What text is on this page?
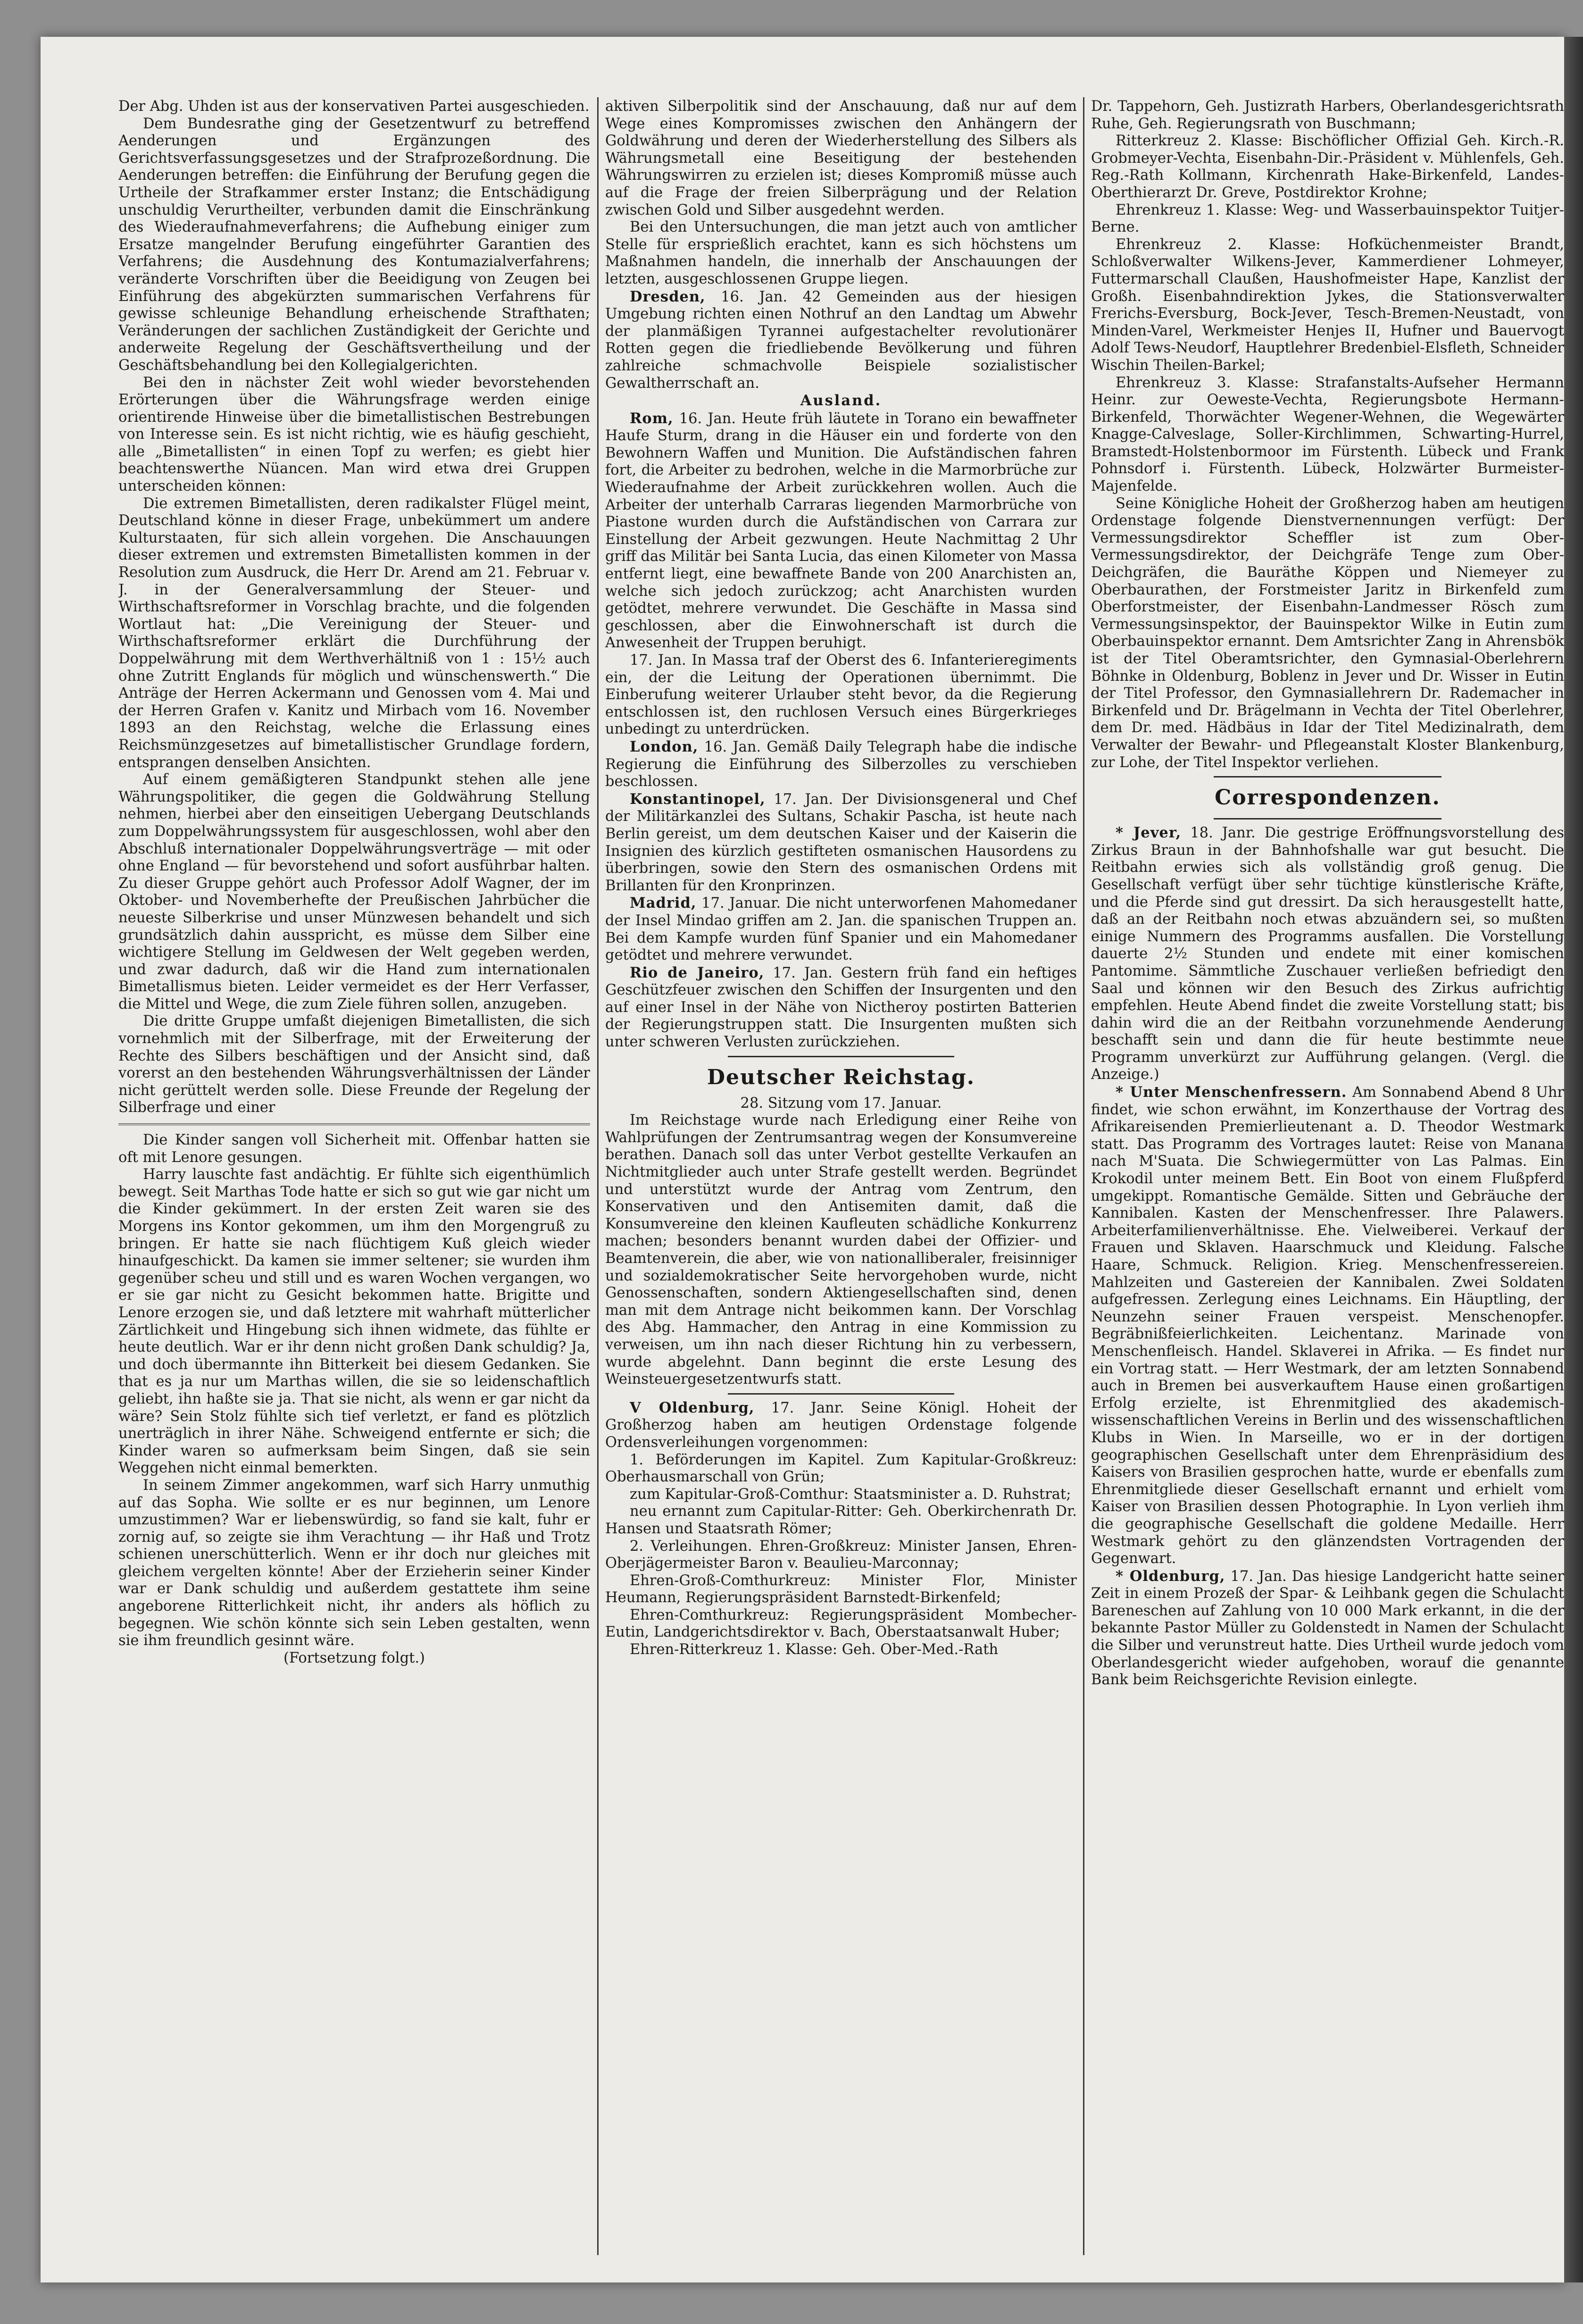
Der Abg. Uhden ist aus der konservativen Partei ausgeschieden.

Dem Bundesrathe ging der Gesetzentwurf zu betreffend Aenderungen und Ergänzungen des Gerichtsverfassungsgesetzes und der Strafprozeßordnung. Die Aenderungen betreffen: die Einführung der Berufung gegen die Urtheile der Strafkammer erster Instanz; die Entschädigung unschuldig Verurtheilter, verbunden damit die Einschränkung des Wiederaufnahmeverfahrens; die Aufhebung einiger zum Ersatze mangelnder Berufung eingeführter Garantien des Verfahrens; die Ausdehnung des Kontumazialverfahrens; veränderte Vorschriften über die Beeidigung von Zeugen bei Einführung des abgekürzten summarischen Verfahrens für gewisse schleunige Behandlung erheischende Strafthaten; Veränderungen der sachlichen Zuständigkeit der Gerichte und anderweite Regelung der Geschäftsvertheilung und der Geschäftsbehandlung bei den Kollegialgerichten.

Bei den in nächster Zeit wohl wieder bevorstehenden Erörterungen über die Währungsfrage werden einige orientirende Hinweise über die bimetallistischen Bestrebungen von Interesse sein. Es ist nicht richtig, wie es häufig geschieht, alle „Bimetallisten“ in einen Topf zu werfen; es giebt hier beachtenswerthe Nüancen. Man wird etwa drei Gruppen unterscheiden können:

Die extremen Bimetallisten, deren radikalster Flügel meint, Deutschland könne in dieser Frage, unbekümmert um andere Kulturstaaten, für sich allein vorgehen. Die Anschauungen dieser extremen und extremsten Bimetallisten kommen in der Resolution zum Ausdruck, die Herr Dr. Arend am 21. Februar v. J. in der Generalversammlung der Steuer- und Wirthschaftsreformer in Vorschlag brachte, und die folgenden Wortlaut hat: „Die Vereinigung der Steuer- und Wirthschaftsreformer erklärt die Durchführung der Doppelwährung mit dem Werthverhältniß von 1 : 15½ auch ohne Zutritt Englands für möglich und wünschenswerth.“ Die Anträge der Herren Ackermann und Genossen vom 4. Mai und der Herren Grafen v. Kanitz und Mirbach vom 16. November 1893 an den Reichstag, welche die Erlassung eines Reichsmünzgesetzes auf bimetallistischer Grundlage fordern, entsprangen denselben Ansichten.

Auf einem gemäßigteren Standpunkt stehen alle jene Währungspolitiker, die gegen die Goldwährung Stellung nehmen, hierbei aber den einseitigen Uebergang Deutschlands zum Doppelwährungssystem für ausgeschlossen, wohl aber den Abschluß internationaler Doppelwährungsverträge — mit oder ohne England — für bevorstehend und sofort ausführbar halten. Zu dieser Gruppe gehört auch Professor Adolf Wagner, der im Oktober- und Novemberhefte der Preußischen Jahrbücher die neueste Silberkrise und unser Münzwesen behandelt und sich grundsätzlich dahin ausspricht, es müsse dem Silber eine wichtigere Stellung im Geldwesen der Welt gegeben werden, und zwar dadurch, daß wir die Hand zum internationalen Bimetallismus bieten. Leider vermeidet es der Herr Verfasser, die Mittel und Wege, die zum Ziele führen sollen, anzugeben.

Die dritte Gruppe umfaßt diejenigen Bimetallisten, die sich vornehmlich mit der Silberfrage, mit der Erweiterung der Rechte des Silbers beschäftigen und der Ansicht sind, daß vorerst an den bestehenden Währungsverhältnissen der Länder nicht gerüttelt werden solle. Diese Freunde der Regelung der Silberfrage und einer

Die Kinder sangen voll Sicherheit mit. Offenbar hatten sie oft mit Lenore gesungen.

Harry lauschte fast andächtig. Er fühlte sich eigenthümlich bewegt. Seit Marthas Tode hatte er sich so gut wie gar nicht um die Kinder gekümmert. In der ersten Zeit waren sie des Morgens ins Kontor gekommen, um ihm den Morgengruß zu bringen. Er hatte sie nach flüchtigem Kuß gleich wieder hinaufgeschickt. Da kamen sie immer seltener; sie wurden ihm gegenüber scheu und still und es waren Wochen vergangen, wo er sie gar nicht zu Gesicht bekommen hatte. Brigitte und Lenore erzogen sie, und daß letztere mit wahrhaft mütterlicher Zärtlichkeit und Hingebung sich ihnen widmete, das fühlte er heute deutlich. War er ihr denn nicht großen Dank schuldig? Ja, und doch übermannte ihn Bitterkeit bei diesem Gedanken. Sie that es ja nur um Marthas willen, die sie so leidenschaftlich geliebt, ihn haßte sie ja. That sie nicht, als wenn er gar nicht da wäre? Sein Stolz fühlte sich tief verletzt, er fand es plötzlich unerträglich in ihrer Nähe. Schweigend entfernte er sich; die Kinder waren so aufmerksam beim Singen, daß sie sein Weggehen nicht einmal bemerkten.

In seinem Zimmer angekommen, warf sich Harry unmuthig auf das Sopha. Wie sollte er es nur beginnen, um Lenore umzustimmen? War er liebenswürdig, so fand sie kalt, fuhr er zornig auf, so zeigte sie ihm Verachtung — ihr Haß und Trotz schienen unerschütterlich. Wenn er ihr doch nur gleiches mit gleichem vergelten könnte! Aber der Erzieherin seiner Kinder war er Dank schuldig und außerdem gestattete ihm seine angeborene Ritterlichkeit nicht, ihr anders als höflich zu begegnen. Wie schön könnte sich sein Leben gestalten, wenn sie ihm freundlich gesinnt wäre.

(Fortsetzung folgt.)

aktiven Silberpolitik sind der Anschauung, daß nur auf dem Wege eines Kompromisses zwischen den Anhängern der Goldwährung und deren der Wiederherstellung des Silbers als Währungsmetall eine Beseitigung der bestehenden Währungswirren zu erzielen ist; dieses Kompromiß müsse auch auf die Frage der freien Silberprägung und der Relation zwischen Gold und Silber ausgedehnt werden.

Bei den Untersuchungen, die man jetzt auch von amtlicher Stelle für ersprießlich erachtet, kann es sich höchstens um Maßnahmen handeln, die innerhalb der Anschauungen der letzten, ausgeschlossenen Gruppe liegen.

Dresden, 16. Jan. 42 Gemeinden aus der hiesigen Umgebung richten einen Nothruf an den Landtag um Abwehr der planmäßigen Tyrannei aufgestachelter revolutionärer Rotten gegen die friedliebende Bevölkerung und führen zahlreiche schmachvolle Beispiele sozialistischer Gewaltherrschaft an.

Ausland.

Rom, 16. Jan. Heute früh läutete in Torano ein bewaffneter Haufe Sturm, drang in die Häuser ein und forderte von den Bewohnern Waffen und Munition. Die Aufständischen fahren fort, die Arbeiter zu bedrohen, welche in die Marmorbrüche zur Wiederaufnahme der Arbeit zurückkehren wollen. Auch die Arbeiter der unterhalb Carraras liegenden Marmorbrüche von Piastone wurden durch die Aufständischen von Carrara zur Einstellung der Arbeit gezwungen. Heute Nachmittag 2 Uhr griff das Militär bei Santa Lucia, das einen Kilometer von Massa entfernt liegt, eine bewaffnete Bande von 200 Anarchisten an, welche sich jedoch zurückzog; acht Anarchisten wurden getödtet, mehrere verwundet. Die Geschäfte in Massa sind geschlossen, aber die Einwohnerschaft ist durch die Anwesenheit der Truppen beruhigt.

17. Jan. In Massa traf der Oberst des 6. Infanterieregiments ein, der die Leitung der Operationen übernimmt. Die Einberufung weiterer Urlauber steht bevor, da die Regierung entschlossen ist, den ruchlosen Versuch eines Bürgerkrieges unbedingt zu unterdrücken.

London, 16. Jan. Gemäß Daily Telegraph habe die indische Regierung die Einführung des Silberzolles zu verschieben beschlossen.

Konstantinopel, 17. Jan. Der Divisionsgeneral und Chef der Militärkanzlei des Sultans, Schakir Pascha, ist heute nach Berlin gereist, um dem deutschen Kaiser und der Kaiserin die Insignien des kürzlich gestifteten osmanischen Hausordens zu überbringen, sowie den Stern des osmanischen Ordens mit Brillanten für den Kronprinzen.

Madrid, 17. Januar. Die nicht unterworfenen Mahomedaner der Insel Mindao griffen am 2. Jan. die spanischen Truppen an. Bei dem Kampfe wurden fünf Spanier und ein Mahomedaner getödtet und mehrere verwundet.

Rio de Janeiro, 17. Jan. Gestern früh fand ein heftiges Geschützfeuer zwischen den Schiffen der Insurgenten und den auf einer Insel in der Nähe von Nictheroy postirten Batterien der Regierungstruppen statt. Die Insurgenten mußten sich unter schweren Verlusten zurückziehen.

Deutscher Reichstag.

28. Sitzung vom 17. Januar.

Im Reichstage wurde nach Erledigung einer Reihe von Wahlprüfungen der Zentrumsantrag wegen der Konsumvereine berathen. Danach soll das unter Verbot gestellte Verkaufen an Nichtmitglieder auch unter Strafe gestellt werden. Begründet und unterstützt wurde der Antrag vom Zentrum, den Konservativen und den Antisemiten damit, daß die Konsumvereine den kleinen Kaufleuten schädliche Konkurrenz machen; besonders benannt wurden dabei der Offizier- und Beamtenverein, die aber, wie von nationalliberaler, freisinniger und sozialdemokratischer Seite hervorgehoben wurde, nicht Genossenschaften, sondern Aktiengesellschaften sind, denen man mit dem Antrage nicht beikommen kann. Der Vorschlag des Abg. Hammacher, den Antrag in eine Kommission zu verweisen, um ihn nach dieser Richtung hin zu verbessern, wurde abgelehnt. Dann beginnt die erste Lesung des Weinsteuergesetzentwurfs statt.

V Oldenburg, 17. Janr. Seine Königl. Hoheit der Großherzog haben am heutigen Ordenstage folgende Ordensverleihungen vorgenommen:

1. Beförderungen im Kapitel. Zum Kapitular-Großkreuz: Oberhausmarschall von Grün;

zum Kapitular-Groß-Comthur: Staatsminister a. D. Ruhstrat;

neu ernannt zum Capitular-Ritter: Geh. Oberkirchenrath Dr. Hansen und Staatsrath Römer;

2. Verleihungen. Ehren-Großkreuz: Minister Jansen, Ehren-Oberjägermeister Baron v. Beaulieu-Marconnay;

Ehren-Groß-Comthurkreuz: Minister Flor, Minister Heumann, Regierungspräsident Barnstedt-Birkenfeld;

Ehren-Comthurkreuz: Regierungspräsident Mombecher-Eutin, Landgerichtsdirektor v. Bach, Oberstaatsanwalt Huber;

Ehren-Ritterkreuz 1. Klasse: Geh. Ober-Med.-Rath

Dr. Tappehorn, Geh. Justizrath Harbers, Oberlandesgerichtsrath Ruhe, Geh. Regierungsrath von Buschmann;

Ritterkreuz 2. Klasse: Bischöflicher Offizial Geh. Kirch.-R. Grobmeyer-Vechta, Eisenbahn-Dir.-Präsident v. Mühlenfels, Geh. Reg.-Rath Kollmann, Kirchenrath Hake-Birkenfeld, Landes-Oberthierarzt Dr. Greve, Postdirektor Krohne;

Ehrenkreuz 1. Klasse: Weg- und Wasserbauinspektor Tuitjer-Berne.

Ehrenkreuz 2. Klasse: Hofküchenmeister Brandt, Schloßverwalter Wilkens-Jever, Kammerdiener Lohmeyer, Futtermarschall Claußen, Haushofmeister Hape, Kanzlist der Großh. Eisenbahndirektion Jykes, die Stationsverwalter Frerichs-Eversburg, Bock-Jever, Tesch-Bremen-Neustadt, von Minden-Varel, Werkmeister Henjes II, Hufner und Bauervogt Adolf Tews-Neudorf, Hauptlehrer Bredenbiel-Elsfleth, Schneider Wischin Theilen-Barkel;

Ehrenkreuz 3. Klasse: Strafanstalts-Aufseher Hermann Heinr. zur Oeweste-Vechta, Regierungsbote Hermann-Birkenfeld, Thorwächter Wegener-Wehnen, die Wegewärter Knagge-Calveslage, Soller-Kirchlimmen, Schwarting-Hurrel, Bramstedt-Holstenbormoor im Fürstenth. Lübeck und Frank Pohnsdorf i. Fürstenth. Lübeck, Holzwärter Burmeister-Majenfelde.

Seine Königliche Hoheit der Großherzog haben am heutigen Ordenstage folgende Dienstvernennungen verfügt: Der Vermessungsdirektor Scheffler ist zum Ober-Vermessungsdirektor, der Deichgräfe Tenge zum Ober-Deichgräfen, die Bauräthe Köppen und Niemeyer zu Oberbaurathen, der Forstmeister Jaritz in Birkenfeld zum Oberforstmeister, der Eisenbahn-Landmesser Rösch zum Vermessungsinspektor, der Bauinspektor Wilke in Eutin zum Oberbauinspektor ernannt. Dem Amtsrichter Zang in Ahrensbök ist der Titel Oberamtsrichter, den Gymnasial-Oberlehrern Böhnke in Oldenburg, Boblenz in Jever und Dr. Wisser in Eutin der Titel Professor, den Gymnasiallehrern Dr. Rademacher in Birkenfeld und Dr. Brägelmann in Vechta der Titel Oberlehrer, dem Dr. med. Hädbäus in Idar der Titel Medizinalrath, dem Verwalter der Bewahr- und Pflegeanstalt Kloster Blankenburg, zur Lohe, der Titel Inspektor verliehen.

Correspondenzen.

* Jever, 18. Janr. Die gestrige Eröffnungsvorstellung des Zirkus Braun in der Bahnhofshalle war gut besucht. Die Reitbahn erwies sich als vollständig groß genug. Die Gesellschaft verfügt über sehr tüchtige künstlerische Kräfte, und die Pferde sind gut dressirt. Da sich herausgestellt hatte, daß an der Reitbahn noch etwas abzuändern sei, so mußten einige Nummern des Programms ausfallen. Die Vorstellung dauerte 2½ Stunden und endete mit einer komischen Pantomime. Sämmtliche Zuschauer verließen befriedigt den Saal und können wir den Besuch des Zirkus aufrichtig empfehlen. Heute Abend findet die zweite Vorstellung statt; bis dahin wird die an der Reitbahn vorzunehmende Aenderung beschafft sein und dann die für heute bestimmte neue Programm unverkürzt zur Aufführung gelangen. (Vergl. die Anzeige.)

* Unter Menschenfressern. Am Sonnabend Abend 8 Uhr findet, wie schon erwähnt, im Konzerthause der Vortrag des Afrikareisenden Premierlieutenant a. D. Theodor Westmark statt. Das Programm des Vortrages lautet: Reise von Manana nach M'Suata. Die Schwiegermütter von Las Palmas. Ein Krokodil unter meinem Bett. Ein Boot von einem Flußpferd umgekippt. Romantische Gemälde. Sitten und Gebräuche der Kannibalen. Kasten der Menschenfresser. Ihre Palawers. Arbeiterfamilienverhältnisse. Ehe. Vielweiberei. Verkauf der Frauen und Sklaven. Haarschmuck und Kleidung. Falsche Haare, Schmuck. Religion. Krieg. Menschenfressereien. Mahlzeiten und Gastereien der Kannibalen. Zwei Soldaten aufgefressen. Zerlegung eines Leichnams. Ein Häuptling, der Neunzehn seiner Frauen verspeist. Menschenopfer. Begräbnißfeierlichkeiten. Leichentanz. Marinade von Menschenfleisch. Handel. Sklaverei in Afrika. — Es findet nur ein Vortrag statt. — Herr Westmark, der am letzten Sonnabend auch in Bremen bei ausverkauftem Hause einen großartigen Erfolg erzielte, ist Ehrenmitglied des akademisch-wissenschaftlichen Vereins in Berlin und des wissenschaftlichen Klubs in Wien. In Marseille, wo er in der dortigen geographischen Gesellschaft unter dem Ehrenpräsidium des Kaisers von Brasilien gesprochen hatte, wurde er ebenfalls zum Ehrenmitgliede dieser Gesellschaft ernannt und erhielt vom Kaiser von Brasilien dessen Photographie. In Lyon verlieh ihm die geographische Gesellschaft die goldene Medaille. Herr Westmark gehört zu den glänzendsten Vortragenden der Gegenwart.

* Oldenburg, 17. Jan. Das hiesige Landgericht hatte seiner Zeit in einem Prozeß der Spar- & Leihbank gegen die Schulacht Bareneschen auf Zahlung von 10 000 Mark erkannt, in die der bekannte Pastor Müller zu Goldenstedt in Namen der Schulacht die Silber und verunstreut hatte. Dies Urtheil wurde jedoch vom Oberlandesgericht wieder aufgehoben, worauf die genannte Bank beim Reichsgerichte Revision einlegte.
